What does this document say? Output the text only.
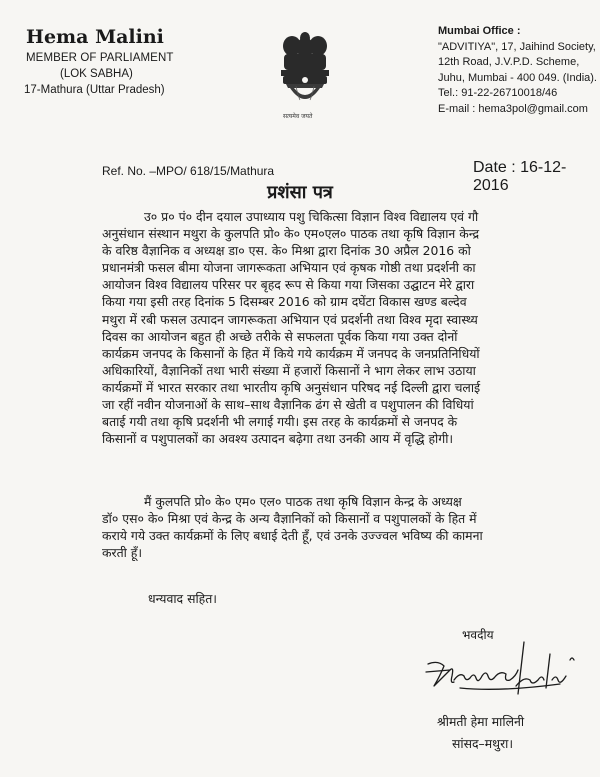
Hema Malini
MEMBER OF PARLIAMENT
(LOK SABHA)
17-Mathura (Uttar Pradesh)
सत्यमेव जयते
Mumbai Office :
"ADVITIYA", 17, Jaihind Society,
12th Road, J.V.P.D. Scheme,
Juhu, Mumbai - 400 049. (India).
Tel.: 91-22-26710018/46
E-mail : hema3pol@gmail.com
Ref. No. –MPO/ 618/15/Mathura	Date : 16-12-2016
प्रशंसा पत्र
उ० प्र० पं० दीन दयाल उपाध्याय पशु चिकित्सा विज्ञान विश्व विद्यालय एवं गौ
अनुसंधान संस्थान मथुरा के कुलपति प्रो० के० एम०एल० पाठक तथा कृषि विज्ञान केन्द्र
के वरिष्ठ वैज्ञानिक व अध्यक्ष डा० एस. के० मिश्रा द्वारा दिनांक 30 अप्रैल 2016 को
प्रधानमंत्री फसल बीमा योजना जागरूकता अभियान एवं कृषक गोष्ठी तथा प्रदर्शनी का
आयोजन विश्व विद्यालय परिसर पर बृहद रूप से किया गया जिसका उद्घाटन मेरे द्वारा
किया गया इसी तरह दिनांक 5 दिसम्बर 2016 को ग्राम दघेंटा विकास खण्ड बल्देव
मथुरा में रबी फसल उत्पादन जागरूकता अभियान एवं प्रदर्शनी तथा विश्व मृदा स्वास्थ्य
दिवस का आयोजन बहुत ही अच्छे तरीके से सफलता पूर्वक किया गया उक्त दोनों
कार्यक्रम जनपद के किसानों के हित में किये गये कार्यक्रम में जनपद के जनप्रतिनिधियों
अधिकारियों, वैज्ञानिकों तथा भारी संख्या में हजारों किसानों ने भाग लेकर लाभ उठाया
कार्यक्रमों में भारत सरकार तथा भारतीय कृषि अनुसंधान परिषद नई दिल्ली द्वारा चलाई
जा रहीं नवीन योजनाओं के साथ–साथ वैज्ञानिक ढंग से खेती व पशुपालन की विधियां
बताई गयी तथा कृषि प्रदर्शनी भी लगाई गयी। इस तरह के कार्यक्रमों से जनपद के
किसानों व पशुपालकों का अवश्य उत्पादन बढ़ेगा तथा उनकी आय में वृद्धि होगी।
मैं कुलपति प्रो० के० एम० एल० पाठक तथा कृषि विज्ञान केन्द्र के अध्यक्ष
डॉ० एस० के० मिश्रा एवं केन्द्र के अन्य वैज्ञानिकों को किसानों व पशुपालकों के हित में
कराये गये उक्त कार्यक्रमों के लिए बधाई देती हूँ, एवं उनके उज्ज्वल भविष्य की कामना
करती हूँ।
धन्यवाद सहित।
भवदीय
श्रीमती हेमा मालिनी
सांसद–मथुरा।
